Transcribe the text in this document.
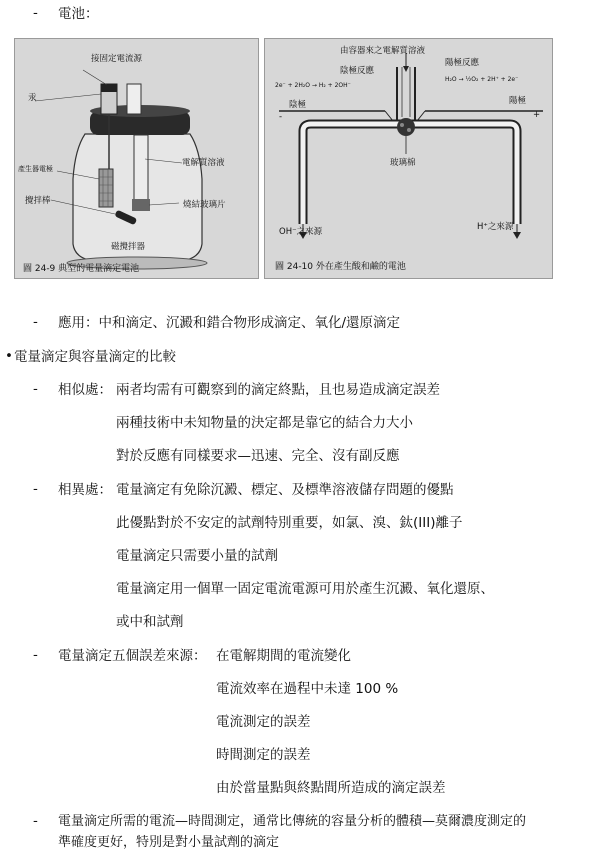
- 電池：
接固定電流源
汞
產生器電極
攪拌棒
電解質溶液
燒結玻璃片
磁攪拌器
圖 24-9 典型的電量滴定電池
由容器來之電解質溶液
陰極反應
陽極反應
2e⁻ + 2H₂O → H₂ + 2OH⁻
H₂O → ½O₂ + 2H⁺ + 2e⁻
陰極	陽極
-	+
玻璃棉
OH⁻之來源	H⁺之來源
圖 24-10 外在產生酸和鹼的電池
- 應用：中和滴定、沉澱和錯合物形成滴定、氧化/還原滴定
• 電量滴定與容量滴定的比較
- 相似處： 兩者均需有可觀察到的滴定終點，且也易造成滴定誤差
兩種技術中未知物量的決定都是靠它的結合力大小
對於反應有同樣要求—迅速、完全、沒有副反應
- 相異處： 電量滴定有免除沉澱、標定、及標準溶液儲存問題的優點
此優點對於不安定的試劑特別重要，如氯、溴、鈦(III)離子
電量滴定只需要小量的試劑
電量滴定用一個單一固定電流電源可用於產生沉澱、氧化還原、
或中和試劑
- 電量滴定五個誤差來源： 在電解期間的電流變化
電流效率在過程中未達 100 %
電流測定的誤差
時間測定的誤差
由於當量點與終點間所造成的滴定誤差
- 電量滴定所需的電流—時間測定，通常比傳統的容量分析的體積—莫爾濃度測定的
準確度更好，特別是對小量試劑的滴定
